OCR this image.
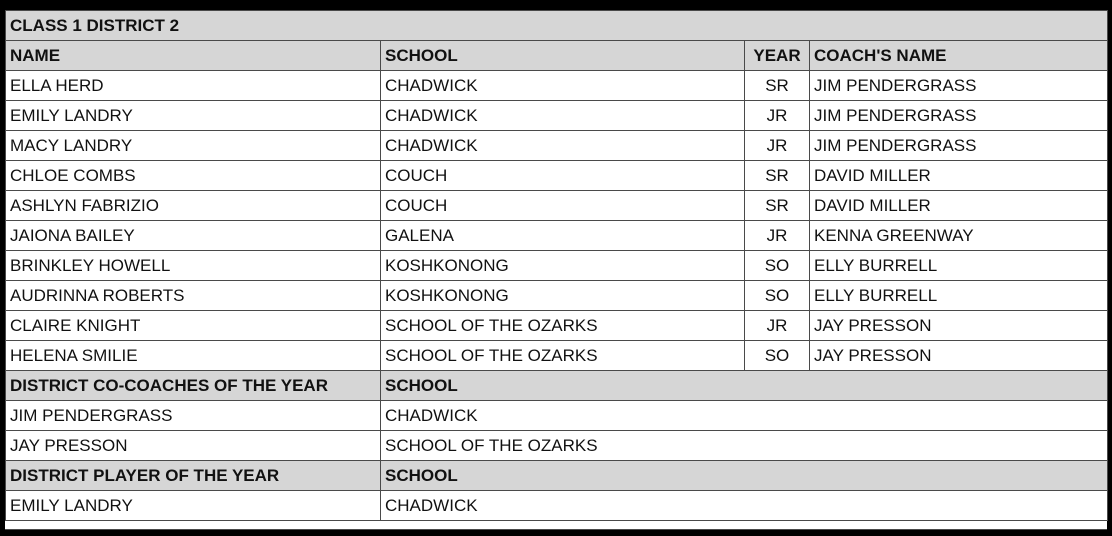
CLASS 1 DISTRICT 2			
NAME	SCHOOL	YEAR	COACH'S NAME
ELLA HERD	CHADWICK	SR	JIM PENDERGRASS
EMILY LANDRY	CHADWICK	JR	JIM PENDERGRASS
MACY LANDRY	CHADWICK	JR	JIM PENDERGRASS
CHLOE COMBS	COUCH	SR	DAVID MILLER
ASHLYN FABRIZIO	COUCH	SR	DAVID MILLER
JAIONA BAILEY	GALENA	JR	KENNA GREENWAY
BRINKLEY HOWELL	KOSHKONONG	SO	ELLY BURRELL
AUDRINNA ROBERTS	KOSHKONONG	SO	ELLY BURRELL
CLAIRE KNIGHT	SCHOOL OF THE OZARKS	JR	JAY PRESSON
HELENA SMILIE	SCHOOL OF THE OZARKS	SO	JAY PRESSON
DISTRICT CO-COACHES OF THE YEAR	SCHOOL		
JIM PENDERGRASS	CHADWICK		
JAY PRESSON	SCHOOL OF THE OZARKS		
DISTRICT PLAYER OF THE YEAR	SCHOOL		
EMILY LANDRY	CHADWICK		
